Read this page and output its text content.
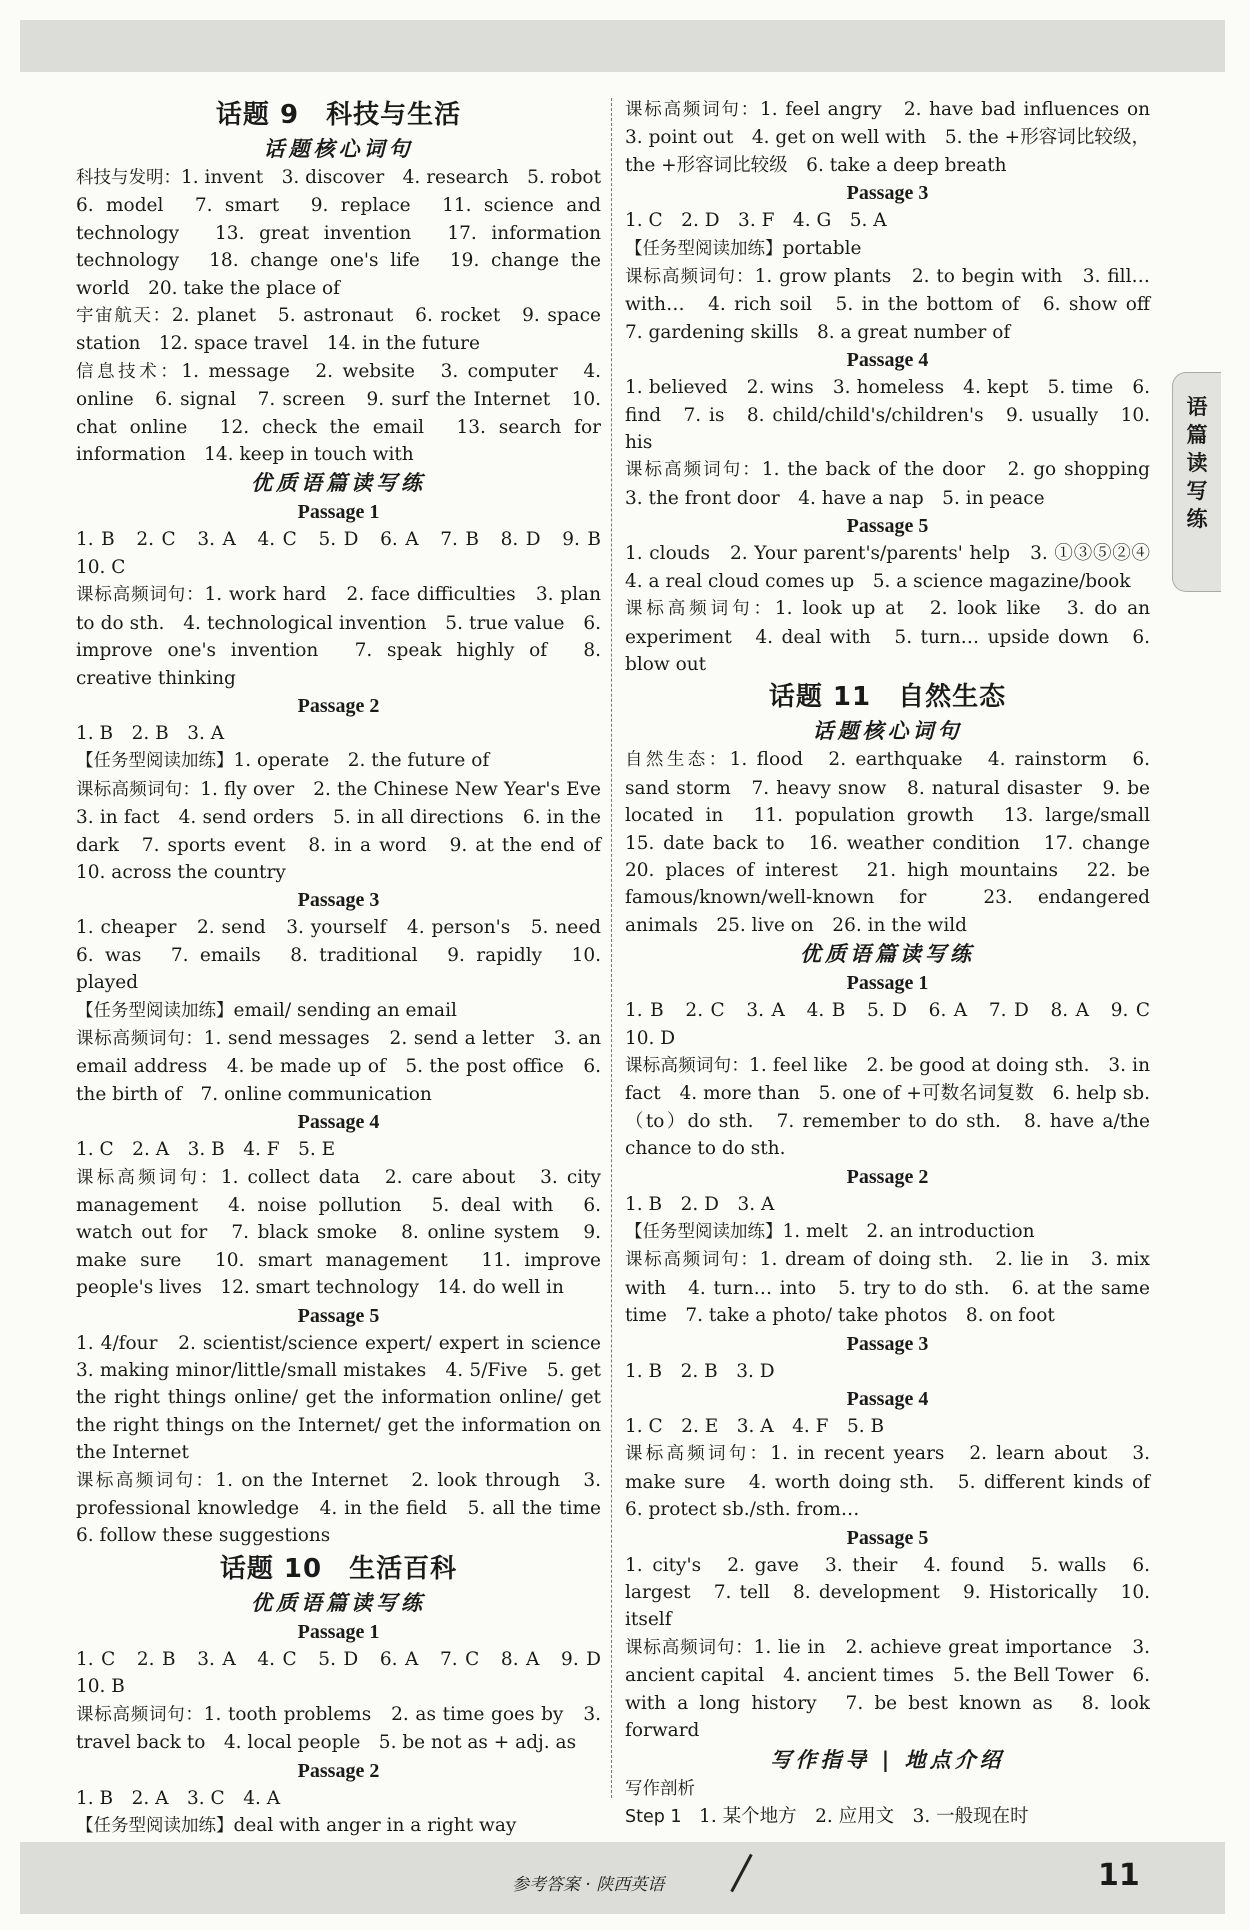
话题 9　科技与生活
话题核心词句
科技与发明：1. invent　3. discover　4. research　5. robot　6. model　7. smart　9. replace　11. science and technology　13. great invention　17. information technology　18. change one's life　19. change the world　20. take the place of
宇宙航天：2. planet　5. astronaut　6. rocket　9. space station　12. space travel　14. in the future
信息技术：1. message　2. website　3. computer　4. online　6. signal　7. screen　9. surf the Internet　10. chat online　12. check the email　13. search for information　14. keep in touch with
优质语篇读写练
Passage 1
1. B　2. C　3. A　4. C　5. D　6. A　7. B　8. D　9. B　10. C
课标高频词句：1. work hard　2. face difficulties　3. plan to do sth.　4. technological invention　5. true value　6. improve one's invention　7. speak highly of　8. creative thinking
Passage 2
1. B　2. B　3. A
【任务型阅读加练】1. operate　2. the future of
课标高频词句：1. fly over　2. the Chinese New Year's Eve　3. in fact　4. send orders　5. in all directions　6. in the dark　7. sports event　8. in a word　9. at the end of　10. across the country
Passage 3
1. cheaper　2. send　3. yourself　4. person's　5. need　6. was　7. emails　8. traditional　9. rapidly　10. played
【任务型阅读加练】email/ sending an email
课标高频词句：1. send messages　2. send a letter　3. an email address　4. be made up of　5. the post office　6. the birth of　7. online communication
Passage 4
1. C　2. A　3. B　4. F　5. E
课标高频词句：1. collect data　2. care about　3. city management　4. noise pollution　5. deal with　6. watch out for　7. black smoke　8. online system　9. make sure　10. smart management　11. improve people's lives　12. smart technology　14. do well in
Passage 5
1. 4/four　2. scientist/science expert/ expert in science　3. making minor/little/small mistakes　4. 5/Five　5. get the right things online/ get the information online/ get the right things on the Internet/ get the information on the Internet
课标高频词句：1. on the Internet　2. look through　3. professional knowledge　4. in the field　5. all the time　6. follow these suggestions
话题 10　生活百科
优质语篇读写练
Passage 1
1. C　2. B　3. A　4. C　5. D　6. A　7. C　8. A　9. D　10. B
课标高频词句：1. tooth problems　2. as time goes by　3. travel back to　4. local people　5. be not as + adj. as
Passage 2
1. B　2. A　3. C　4. A
【任务型阅读加练】deal with anger in a right way
课标高频词句：1. feel angry　2. have bad influences on　3. point out　4. get on well with　5. the +形容词比较级，the +形容词比较级　6. take a deep breath
Passage 3
1. C　2. D　3. F　4. G　5. A
【任务型阅读加练】portable
课标高频词句：1. grow plants　2. to begin with　3. fill… with…　4. rich soil　5. in the bottom of　6. show off　7. gardening skills　8. a great number of
Passage 4
1. believed　2. wins　3. homeless　4. kept　5. time　6. find　7. is　8. child/child's/children's　9. usually　10. his
课标高频词句：1. the back of the door　2. go shopping　3. the front door　4. have a nap　5. in peace
Passage 5
1. clouds　2. Your parent's/parents' help　3. ①③⑤②④　4. a real cloud comes up　5. a science magazine/book
课标高频词句：1. look up at　2. look like　3. do an experiment　4. deal with　5. turn… upside down　6. blow out
话题 11　自然生态
话题核心词句
自然生态：1. flood　2. earthquake　4. rainstorm　6. sand storm　7. heavy snow　8. natural disaster　9. be located in　11. population growth　13. large/small　15. date back to　16. weather condition　17. change　20. places of interest　21. high mountains　22. be famous/known/well-known for　23. endangered animals　25. live on　26. in the wild
优质语篇读写练
Passage 1
1. B　2. C　3. A　4. B　5. D　6. A　7. D　8. A　9. C　10. D
课标高频词句：1. feel like　2. be good at doing sth.　3. in fact　4. more than　5. one of +可数名词复数　6. help sb.（to）do sth.　7. remember to do sth.　8. have a/the chance to do sth.
Passage 2
1. B　2. D　3. A
【任务型阅读加练】1. melt　2. an introduction
课标高频词句：1. dream of doing sth.　2. lie in　3. mix with　4. turn… into　5. try to do sth.　6. at the same time　7. take a photo/ take photos　8. on foot
Passage 3
1. B　2. B　3. D
Passage 4
1. C　2. E　3. A　4. F　5. B
课标高频词句：1. in recent years　2. learn about　3. make sure　4. worth doing sth.　5. different kinds of　6. protect sb./sth. from…
Passage 5
1. city's　2. gave　3. their　4. found　5. walls　6. largest　7. tell　8. development　9. Historically　10. itself
课标高频词句：1. lie in　2. achieve great importance　3. ancient capital　4. ancient times　5. the Bell Tower　6. with a long history　7. be best known as　8. look forward
写作指导 | 地点介绍
写作剖析
Step 1　1. 某个地方　2. 应用文　3. 一般现在时
语篇读写练
参考答案 · 陕西英语	11
